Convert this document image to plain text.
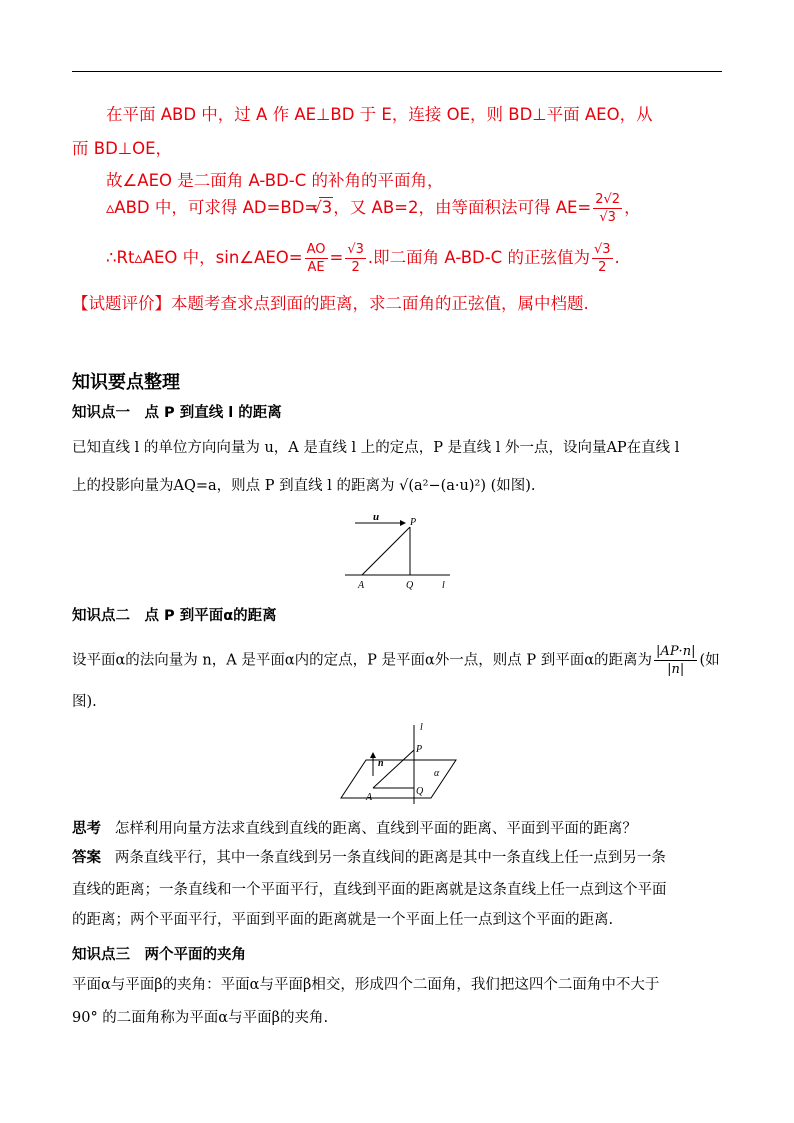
在平面 ABD 中，过 A 作 AE⊥BD 于 E，连接 OE，则 BD⊥平面 AEO，从
而 BD⊥OE，
故∠AEO 是二面角 A-BD-C 的补角的平面角，
▵ABD 中，可求得 AD=BD=√ 3，又 AB=2，由等面积法可得 $AE= \frac{2√2}{√3}$ ，
∴Rt▵AEO 中，sin∠AEO= $\frac{AO}{AE} = \frac{√3}{2}$ .即二面角 A-BD-C 的正弦值为 $\frac{√3}{2}$ .
【试题评价】本题考查求点到面的距离，求二面角的正弦值，属中档题.
知识要点整理
知识点一　点 P 到直线 l 的距离
已知直线 l 的单位方向向量为 u，A 是直线 l 上的定点，P 是直线 l 外一点，设向量AP在直线 l
上的投影向量为AQ=a，则点 P 到直线 l 的距离为 √(a²−(a·u)²) (如图).
u	P
A	Q	l
知识点二　点 P 到平面α的距离
设平面α的法向量为 n，A 是平面α内的定点，P 是平面α外一点，则点 P 到平面α的距离为 $\frac{|AP\cdot n|}{|n|}$ (如
图).
l
n
P
α
A
Q
思考 怎样利用向量方法求直线到直线的距离、直线到平面的距离、平面到平面的距离？
答案 两条直线平行，其中一条直线到另一条直线间的距离是其中一条直线上任一点到另一条
直线的距离；一条直线和一个平面平行，直线到平面的距离就是这条直线上任一点到这个平面
的距离；两个平面平行，平面到平面的距离就是一个平面上任一点到这个平面的距离.
知识点三　两个平面的夹角
平面α与平面β的夹角：平面α与平面β相交，形成四个二面角，我们把这四个二面角中不大于
90° 的二面角称为平面α与平面β的夹角.
